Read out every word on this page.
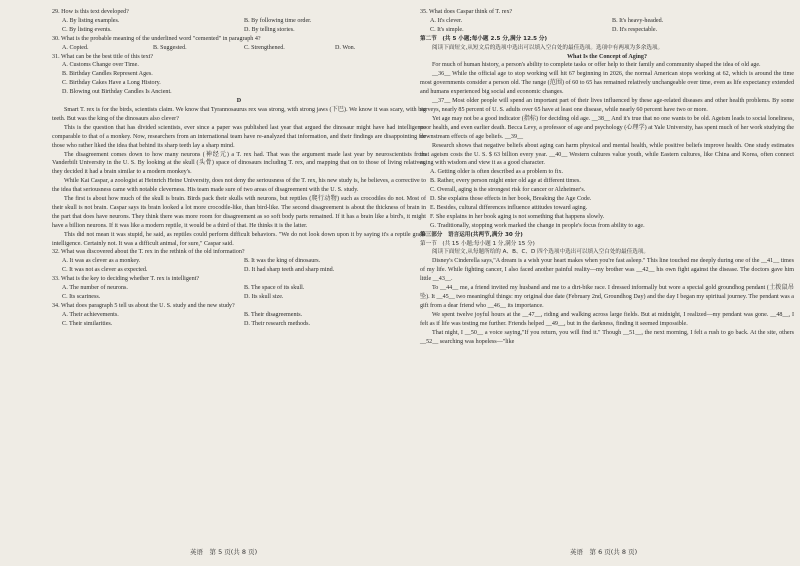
29. How is this text developed?

A. By listing examples.	B. By following time order.
C. By listing events.	D. By telling stories.

30. What is the probable meaning of the underlined word "cemented" in paragraph 4?

A. Copied.	B. Suggested.	C. Strengthened.	D. Won.

31. What can be the best title of this text?

A. Customs Change over Time.
B. Birthday Candles Represent Ages.
C. Birthday Cakes Have a Long History.
D. Blowing out Birthday Candles Is Ancient.

D

Smart T. rex is for the birds, scientists claim. We know that Tyrannosaurus rex was strong, with strong jaws (下巴). We know it was scary, with big teeth. But was the king of the dinosaurs also clever?

This is the question that has divided scientists, ever since a paper was published last year that argued the dinosaur might have had intelligence comparable to that of a monkey. Now, researchers from an international team have re-analyzed that information, and their findings are disappointing for those who rather liked the idea that behind its sharp teeth lay a sharp mind.

The disagreement comes down to how many neurons (神经元) a T. rex had. That was the argument made last year by neuroscientists from Vanderbilt University in the U. S. By looking at the skull (头骨) space of dinosaurs including T. rex, and mapping that on to those of living relatives, they decided it had a brain similar to a modern monkey's.

While Kai Caspar, a zoologist at Heinrich Heine University, does not deny the seriousness of the T. rex, his new study is, he believes, a corrective to the idea that seriousness came with notable cleverness. His team made sure of two areas of disagreement with the U. S. study.

The first is about how much of the skull is brain. Birds pack their skulls with neurons, but reptiles (爬行动物) such as crocodiles do not. Most of their skull is not brain. Caspar says its brain looked a lot more crocodile-like, than bird-like. The second disagreement is about the thickness of brain in the part that does have neurons. They think there was more room for disagreement as so soft body parts remained. If it has a brain like a bird's, it might have a billion neurons. If it was like a modern reptile, it would be a third of that. He thinks it is the latter.

This did not mean it was stupid, he said, as reptiles could perform difficult behaviors. "We do not look down upon it by saying it's a reptile grade intelligence. Certainly not. It was a difficult animal, for sure," Caspar said.

32. What was discovered about the T. rex in the rethink of the old information?

A. It was as clever as a monkey.	B. It was the king of dinosaurs.
C. It was not as clever as expected.	D. It had sharp teeth and sharp mind.

33. What is the key to deciding whether T. rex is intelligent?

A. The number of neurons.	B. The space of its skull.
C. Its scariness.	D. Its skull size.

34. What does paragraph 5 tell us about the U. S. study and the new study?

A. Their achievements.	B. Their disagreements.
C. Their similarities.	D. Their research methods.

35. What does Caspar think of T. rex?

A. It's clever.	B. It's heavy-headed.
C. It's simple.	D. It's respectable.

第二节　(共 5 小题;每小题 2.5 分,满分 12.5 分)

阅读下面短文,从短文后的选项中选出可以填入空白处的最佳选项。选项中有两项为多余选项。

What Is the Concept of Aging?

For much of human history, a person's ability to complete tasks or offer help to their family and community shaped the idea of old age.

__36__ While the official age to stop working will hit 67 beginning in 2026, the normal American stops working at 62, which is around the time most governments consider a person old. The range (范围) of 60 to 65 has remained relatively unchangeable over time, even as life expectancy extended and humans experienced big social and economic changes.

__37__ Most older people will spend an important part of their lives influenced by these age-related diseases and other health problems. By some surveys, nearly 85 percent of U. S. adults over 65 have at least one disease, while nearly 60 percent have two or more.

Yet age may not be a good indicator (指标) for deciding old age. __38__ And it's true that no one wants to be old. Ageism leads to social loneliness, poor health, and even earlier death. Becca Levy, a professor of age and psychology (心理学) at Yale University, has spent much of her work studying the downstream effects of age beliefs. __39__

Research shows that negative beliefs about aging can harm physical and mental health, while positive beliefs improve health. One study estimates that ageism costs the U. S. $ 63 billion every year. __40__ Western cultures value youth, while Eastern cultures, like China and Korea, often connect aging with wisdom and view it as a good character.

A. Getting older is often described as a problem to fix.
B. Rather, every person might enter old age at different times.
C. Overall, aging is the strongest risk for cancer or Alzheimer's.
D. She explains those effects in her book, Breaking the Age Code.
E. Besides, cultural differences influence attitudes toward aging.
F. She explains in her book aging is not something that happens slowly.
G. Traditionally, stopping work marked the change in people's focus from ability to age.

第三部分　语言运用(共两节,满分 30 分)

第一节　(共 15 小题;每小题 1 分,满分 15 分)

阅读下面短文,从每题所给的 A、B、C、D 四个选项中选出可以填入空白处的最佳选项。

Disney's Cinderella says,"A dream is a wish your heart makes when you're fast asleep." This line touched me deeply during one of the __41__ times of my life. While fighting cancer, I also faced another painful reality—my brother was __42__ his own fight against the disease. The doctors gave him little __43__.

To __44__ me, a friend invited my husband and me to a dirt-bike race. I dressed informally but wore a special gold groundhog pendant (土拨鼠吊坠). It __45__ two meaningful things: my original due date (February 2nd, Groundhog Day) and the day I began my spiritual journey. The pendant was a gift from a dear friend who __46__ its importance.

We spent twelve joyful hours at the __47__, riding and walking across large fields. But at midnight, I realized—my pendant was gone. __48__, I felt as if life was testing me further. Friends helped __49__, but in the darkness, finding it seemed impossible.

That night, I __50__ a voice saying,"If you return, you will find it." Though __51__, the next morning, I felt a rush to go back. At the site, others __52__ searching was hopeless—"like

英语　第 5 页(共 8 页)	英语　第 6 页(共 8 页)
